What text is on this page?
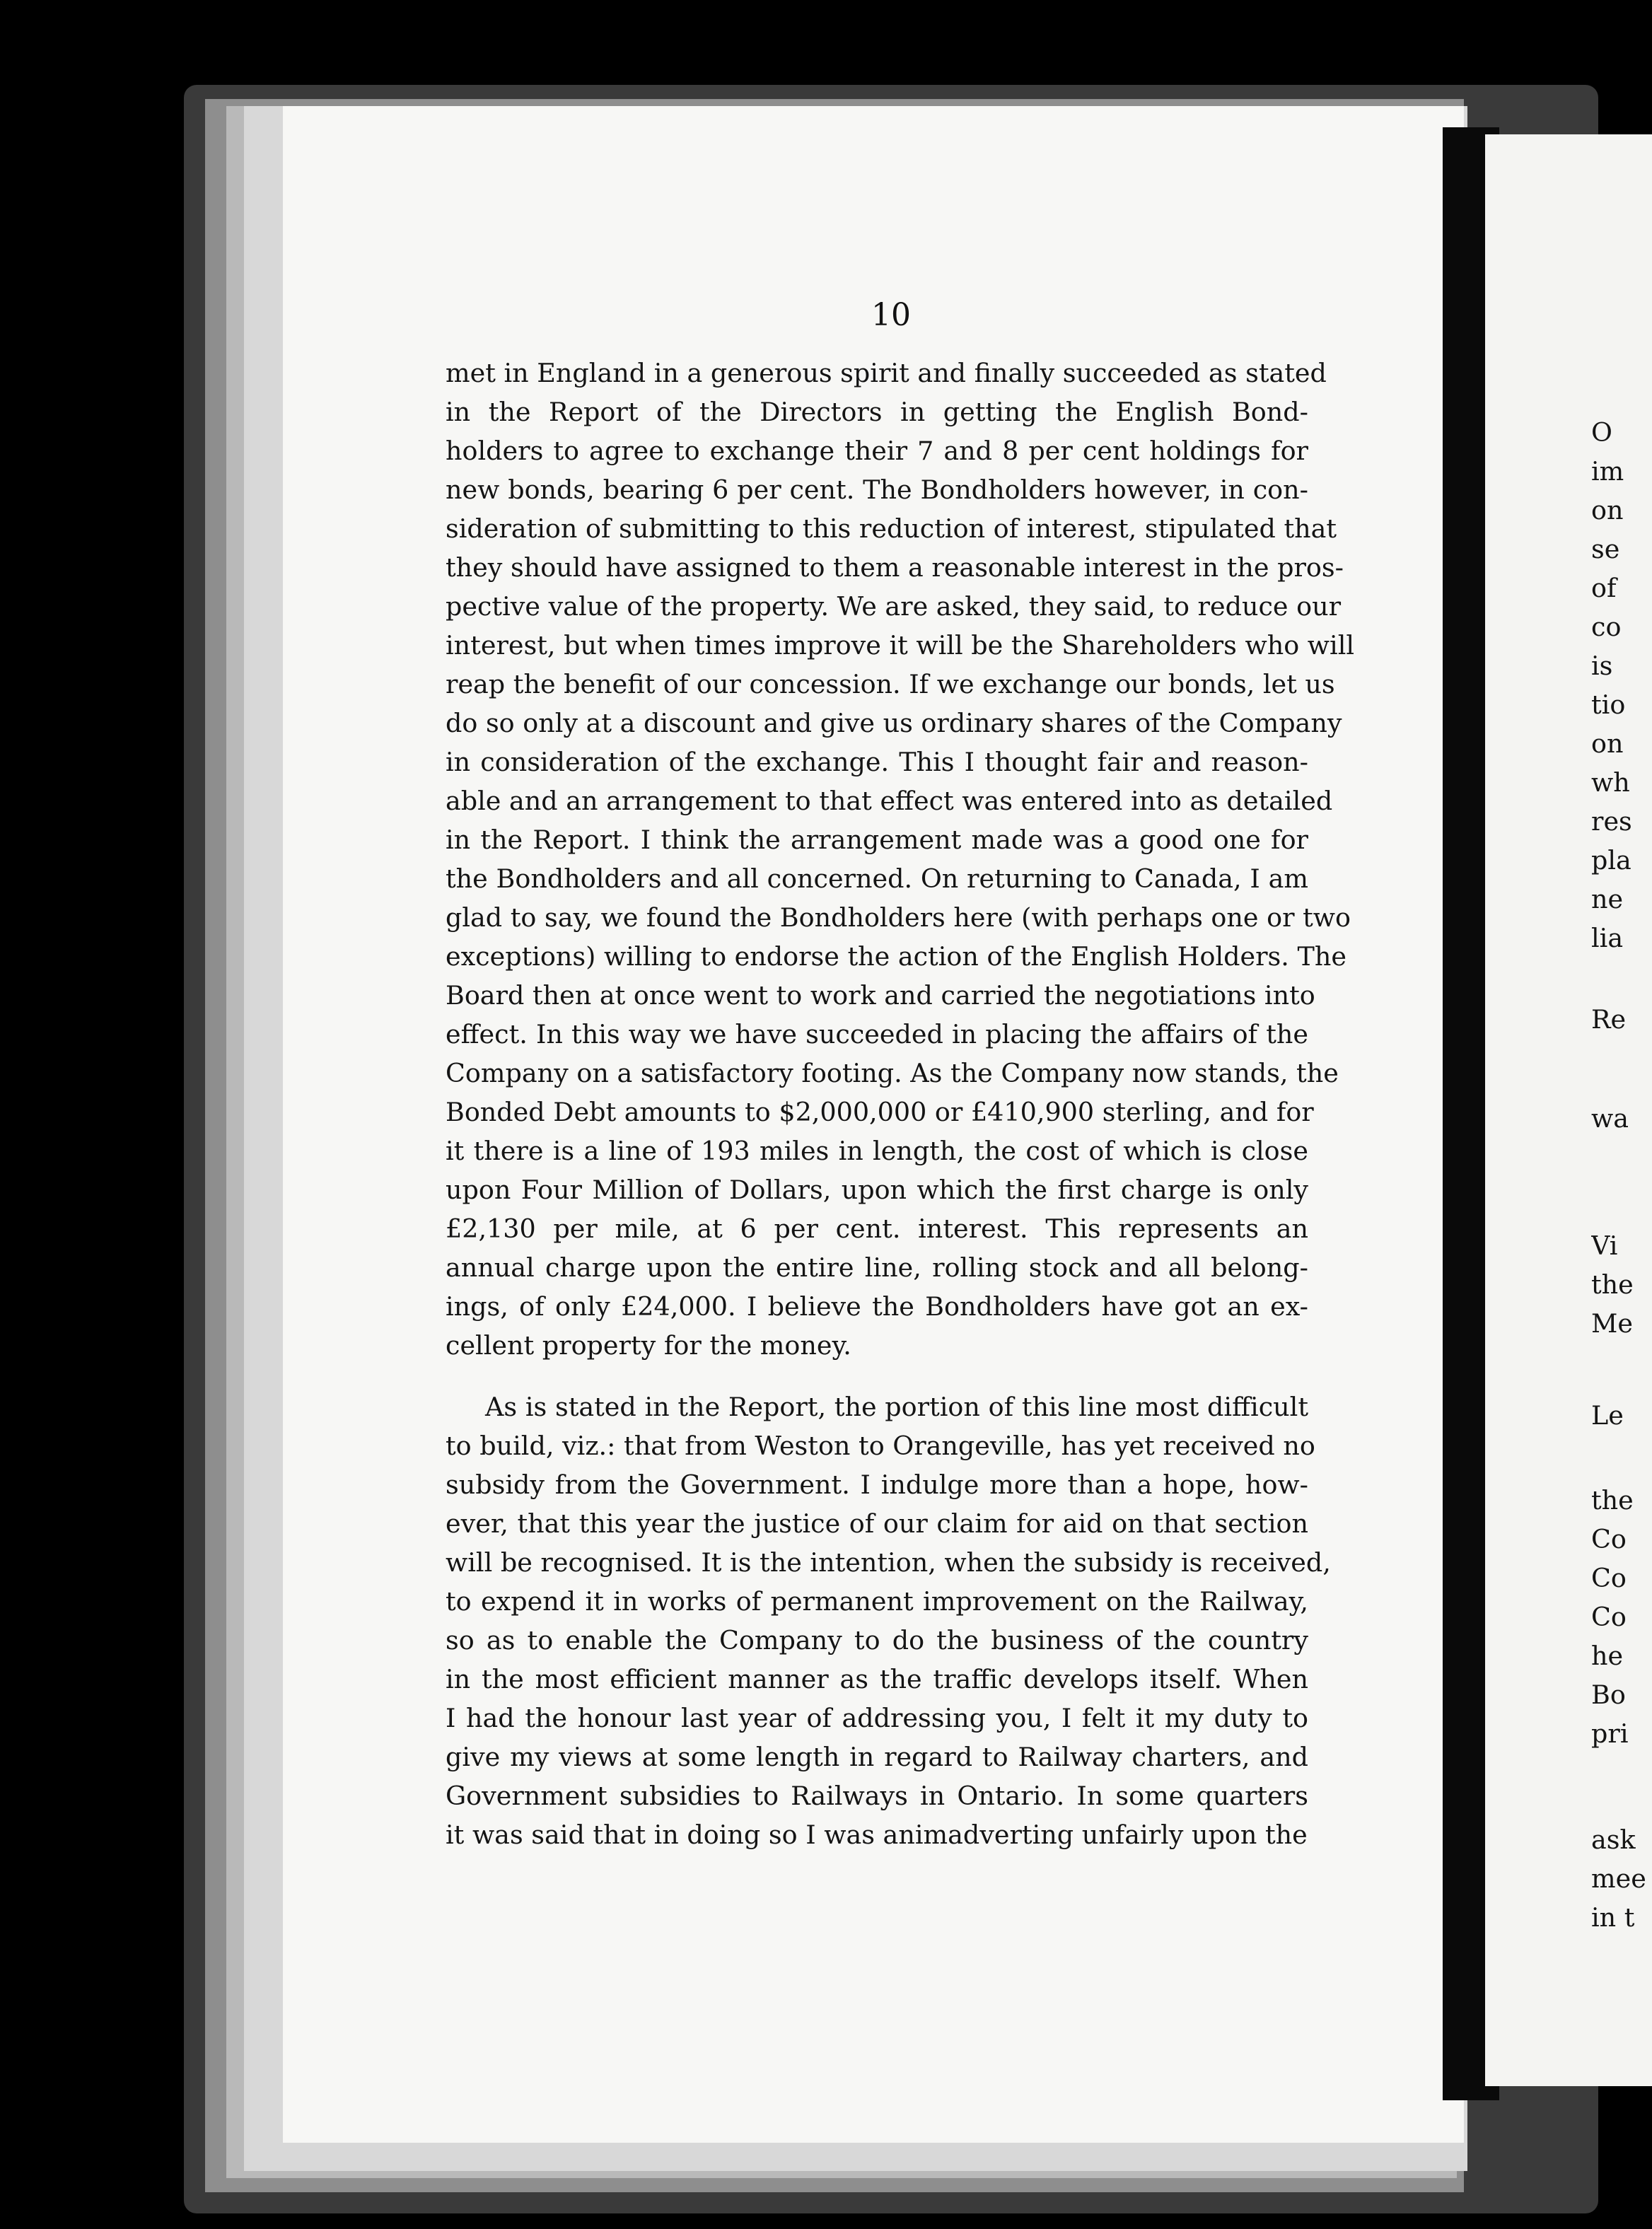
10
met in England in a generous spirit and finally succeeded as stated
in the Report of the Directors in getting the English Bond-
holders to agree to exchange their 7 and 8 per cent holdings for
new bonds, bearing 6 per cent. The Bondholders however, in con-
sideration of submitting to this reduction of interest, stipulated that
they should have assigned to them a reasonable interest in the pros-
pective value of the property. We are asked, they said, to reduce our
interest, but when times improve it will be the Shareholders who will
reap the benefit of our concession. If we exchange our bonds, let us
do so only at a discount and give us ordinary shares of the Company
in consideration of the exchange. This I thought fair and reason-
able and an arrangement to that effect was entered into as detailed
in the Report. I think the arrangement made was a good one for
the Bondholders and all concerned. On returning to Canada, I am
glad to say, we found the Bondholders here (with perhaps one or two
exceptions) willing to endorse the action of the English Holders. The
Board then at once went to work and carried the negotiations into
effect. In this way we have succeeded in placing the affairs of the
Company on a satisfactory footing. As the Company now stands, the
Bonded Debt amounts to $2,000,000 or £410,900 sterling, and for
it there is a line of 193 miles in length, the cost of which is close
upon Four Million of Dollars, upon which the first charge is only
£2,130 per mile, at 6 per cent. interest. This represents an
annual charge upon the entire line, rolling stock and all belong-
ings, of only £24,000. I believe the Bondholders have got an ex-
cellent property for the money.
As is stated in the Report, the portion of this line most difficult
to build, viz.: that from Weston to Orangeville, has yet received no
subsidy from the Government. I indulge more than a hope, how-
ever, that this year the justice of our claim for aid on that section
will be recognised. It is the intention, when the subsidy is received,
to expend it in works of permanent improvement on the Railway,
so as to enable the Company to do the business of the country
in the most efficient manner as the traffic develops itself. When
I had the honour last year of addressing you, I felt it my duty to
give my views at some length in regard to Railway charters, and
Government subsidies to Railways in Ontario. In some quarters
it was said that in doing so I was animadverting unfairly upon the
O
im
on
se
of
co
is
tio
on
wh
res
pla
ne
lia
Re
wa
Vi
the
Me
Le
the
Co
Co
Co
he
Bo
pri
ask
mee
in t
